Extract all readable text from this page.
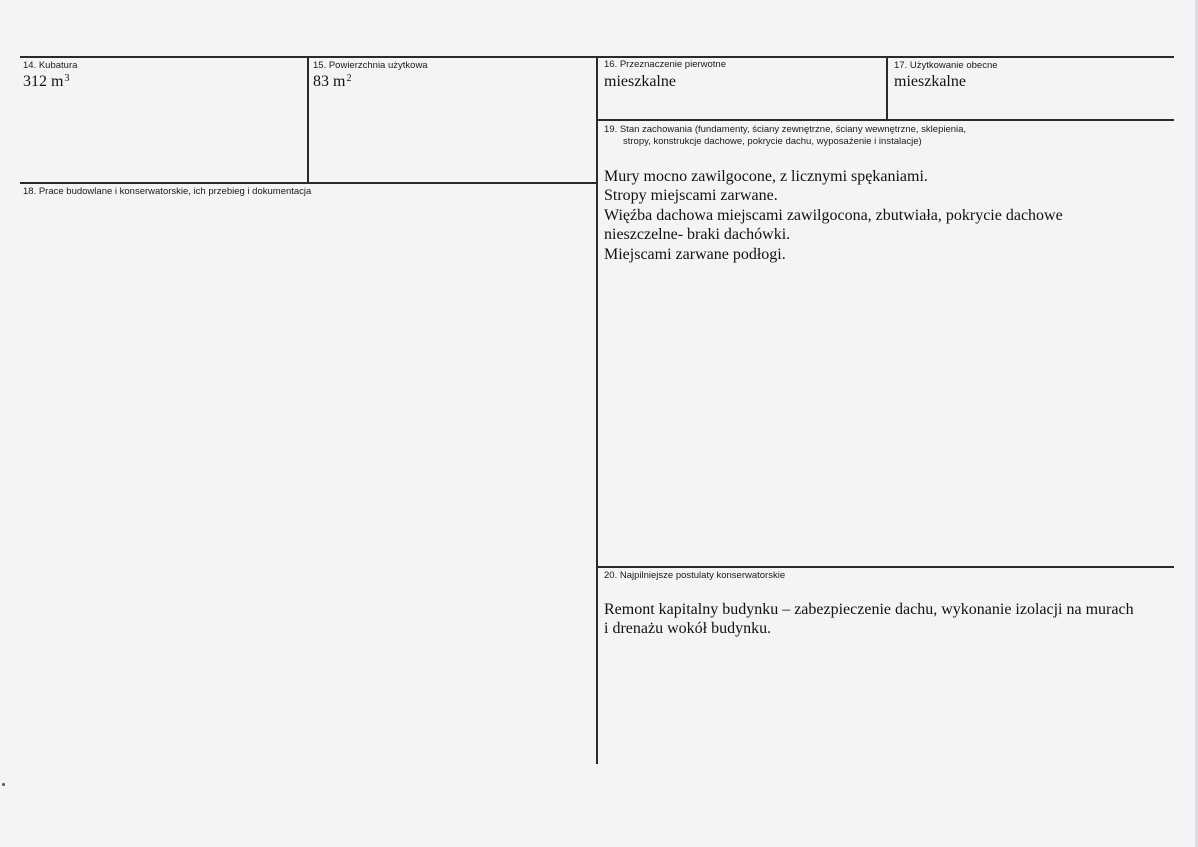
14. Kubatura
312 $m^3$
15. Powierzchnia użytkowa
83 $m^2$
16. Przeznaczenie pierwotne
mieszkalne
17. Użytkowanie obecne
mieszkalne
18. Prace budowlane i konserwatorskie, ich przebieg i dokumentacja
19. Stan zachowania (fundamenty, ściany zewnętrzne, ściany wewnętrzne, sklepienia,
stropy, konstrukcje dachowe, pokrycie dachu, wyposażenie i instalacje)
Mury mocno zawilgocone, z licznymi spękaniami.
Stropy miejscami zarwane.
Więźba dachowa miejscami zawilgocona, zbutwiała, pokrycie dachowe
nieszczelne- braki dachówki.
Miejscami zarwane podłogi.
20. Najpilniejsze postulaty konserwatorskie
Remont kapitalny budynku – zabezpieczenie dachu, wykonanie izolacji na murach
i drenażu wokół budynku.
